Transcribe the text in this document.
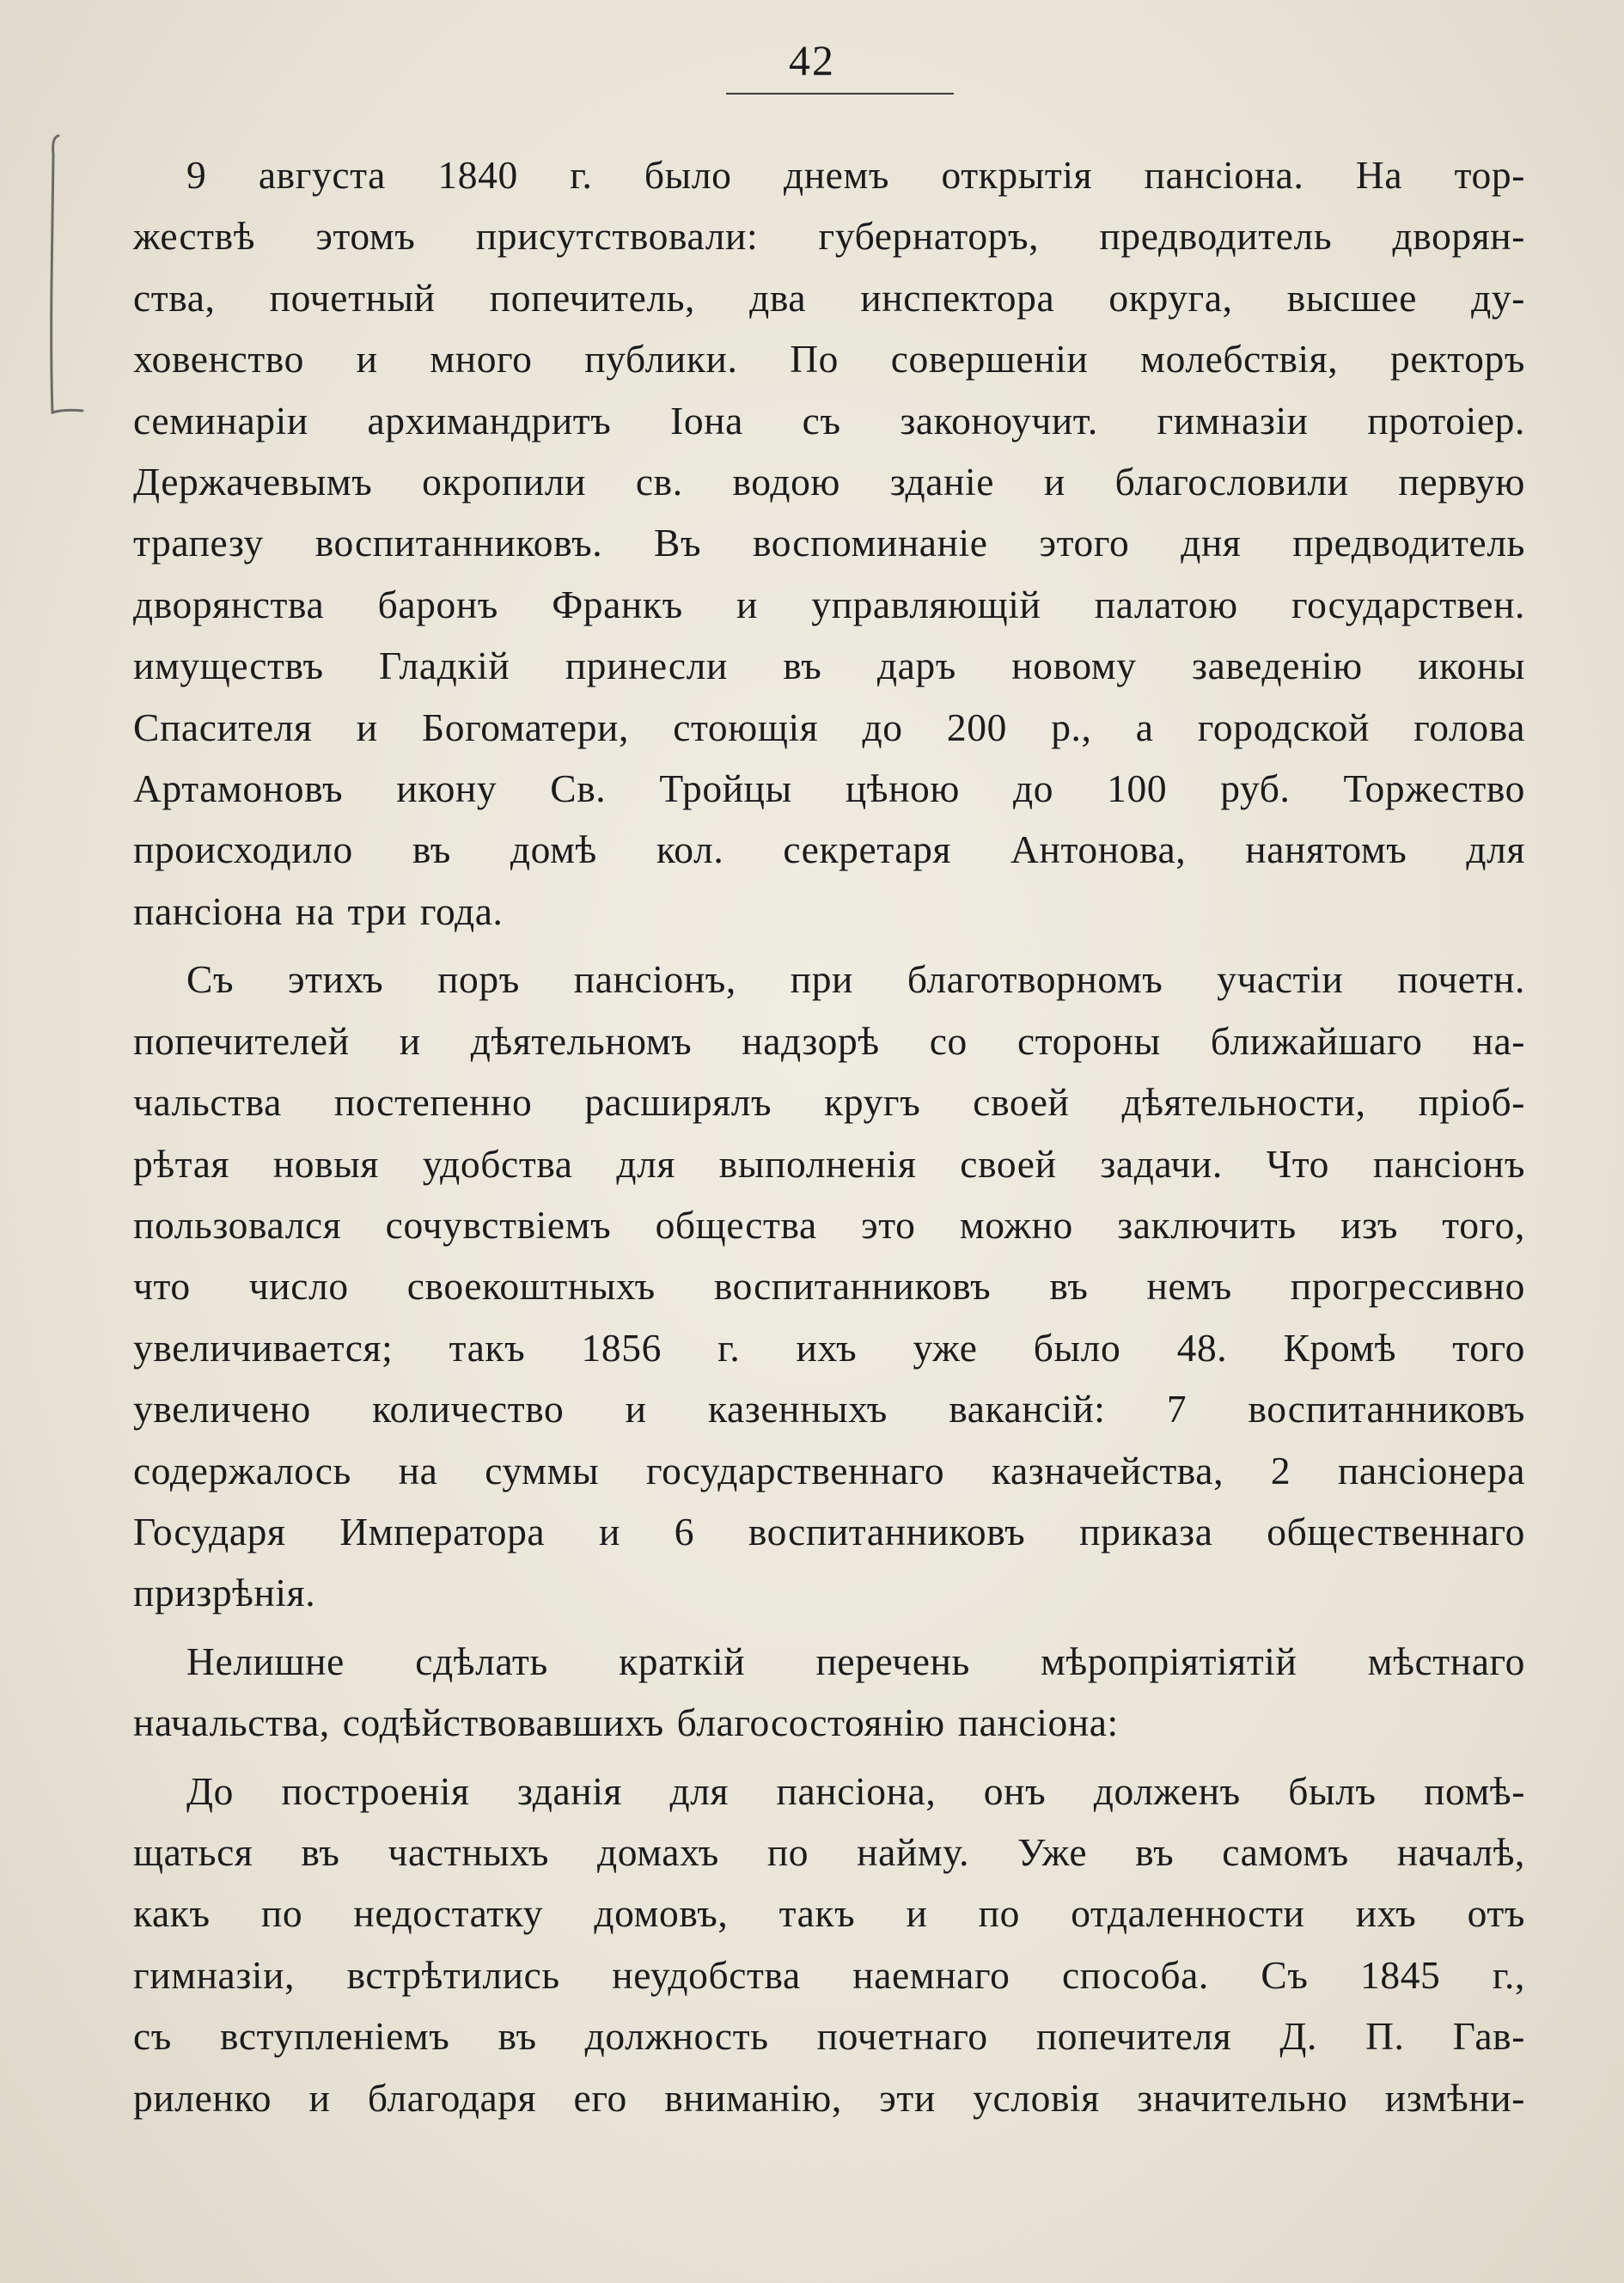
42
9 августа 1840 г. было днемъ открытія пансіона. На тор-
жествѣ этомъ присутствовали: губернаторъ, предводитель дворян-
ства, почетный попечитель, два инспектора округа, высшее ду-
ховенство и много публики. По совершеніи молебствія, ректоръ
семинаріи архимандритъ Іона съ законоучит. гимназіи протоіер.
Держачевымъ окропили св. водою зданіе и благословили первую
трапезу воспитанниковъ. Въ воспоминаніе этого дня предводитель
дворянства баронъ Франкъ и управляющій палатою государствен.
имуществъ Гладкій принесли въ даръ новому заведенію иконы
Спасителя и Богоматери, стоющія до 200 р., а городской голова
Артамоновъ икону Св. Тройцы цѣною до 100 руб. Торжество
происходило въ домѣ кол. секретаря Антонова, нанятомъ для
пансіона на три года.
Съ этихъ поръ пансіонъ, при благотворномъ участіи почетн.
попечителей и дѣятельномъ надзорѣ со стороны ближайшаго на-
чальства постепенно расширялъ кругъ своей дѣятельности, пріоб-
рѣтая новыя удобства для выполненія своей задачи. Что пансіонъ
пользовался сочувствіемъ общества это можно заключить изъ того,
что число своекоштныхъ воспитанниковъ въ немъ прогрессивно
увеличивается; такъ 1856 г. ихъ уже было 48. Кромѣ того
увеличено количество и казенныхъ вакансій: 7 воспитанниковъ
содержалось на суммы государственнаго казначейства, 2 пансіонера
Государя Императора и 6 воспитанниковъ приказа общественнаго
призрѣнія.
Нелишне сдѣлать краткій перечень мѣропріятіятій мѣстнаго
начальства, содѣйствовавшихъ благосостоянію пансіона:
До построенія зданія для пансіона, онъ долженъ былъ помѣ-
щаться въ частныхъ домахъ по найму. Уже въ самомъ началѣ,
какъ по недостатку домовъ, такъ и по отдаленности ихъ отъ
гимназіи, встрѣтились неудобства наемнаго способа. Съ 1845 г.,
съ вступленіемъ въ должность почетнаго попечителя Д. П. Гав-
риленко и благодаря его вниманію, эти условія значительно измѣни-
